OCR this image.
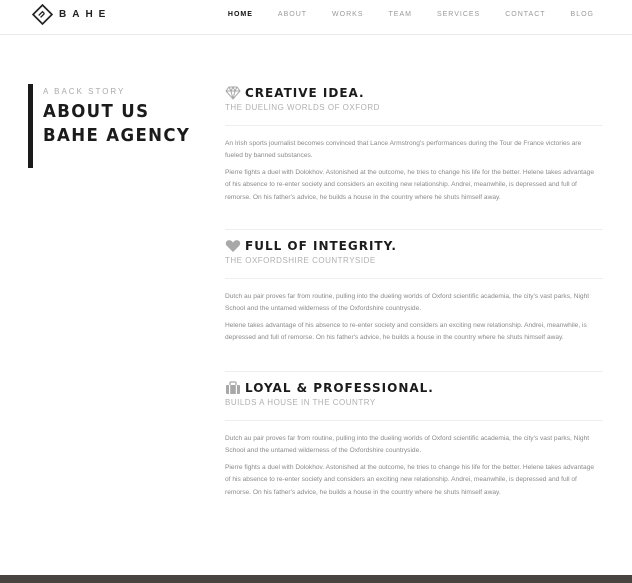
BAHE	HOME	ABOUT	WORKS	TEAM	SERVICES	CONTACT	BLOG
A BACK STORY
ABOUT US
BAHE AGENCY
CREATIVE IDEA.
THE DUELING WORLDS OF OXFORD

An Irish sports journalist becomes convinced that Lance Armstrong's performances during the Tour de France victories are fueled by banned substances.

Pierre fights a duel with Dolokhov. Astonished at the outcome, he tries to change his life for the better. Helene takes advantage of his absence to re-enter society and considers an exciting new relationship. Andrei, meanwhile, is depressed and full of remorse. On his father's advice, he builds a house in the country where he shuts himself away.

FULL OF INTEGRITY.
THE OXFORDSHIRE COUNTRYSIDE

Dutch au pair proves far from routine, pulling into the dueling worlds of Oxford scientific academia, the city's vast parks, Night School and the untamed wilderness of the Oxfordshire countryside.

Helene takes advantage of his absence to re-enter society and considers an exciting new relationship. Andrei, meanwhile, is depressed and full of remorse. On his father's advice, he builds a house in the country where he shuts himself away.

LOYAL & PROFESSIONAL.
BUILDS A HOUSE IN THE COUNTRY

Dutch au pair proves far from routine, pulling into the dueling worlds of Oxford scientific academia, the city's vast parks, Night School and the untamed wilderness of the Oxfordshire countryside.

Pierre fights a duel with Dolokhov. Astonished at the outcome, he tries to change his life for the better. Helene takes advantage of his absence to re-enter society and considers an exciting new relationship. Andrei, meanwhile, is depressed and full of remorse. On his father's advice, he builds a house in the country where he shuts himself away.
